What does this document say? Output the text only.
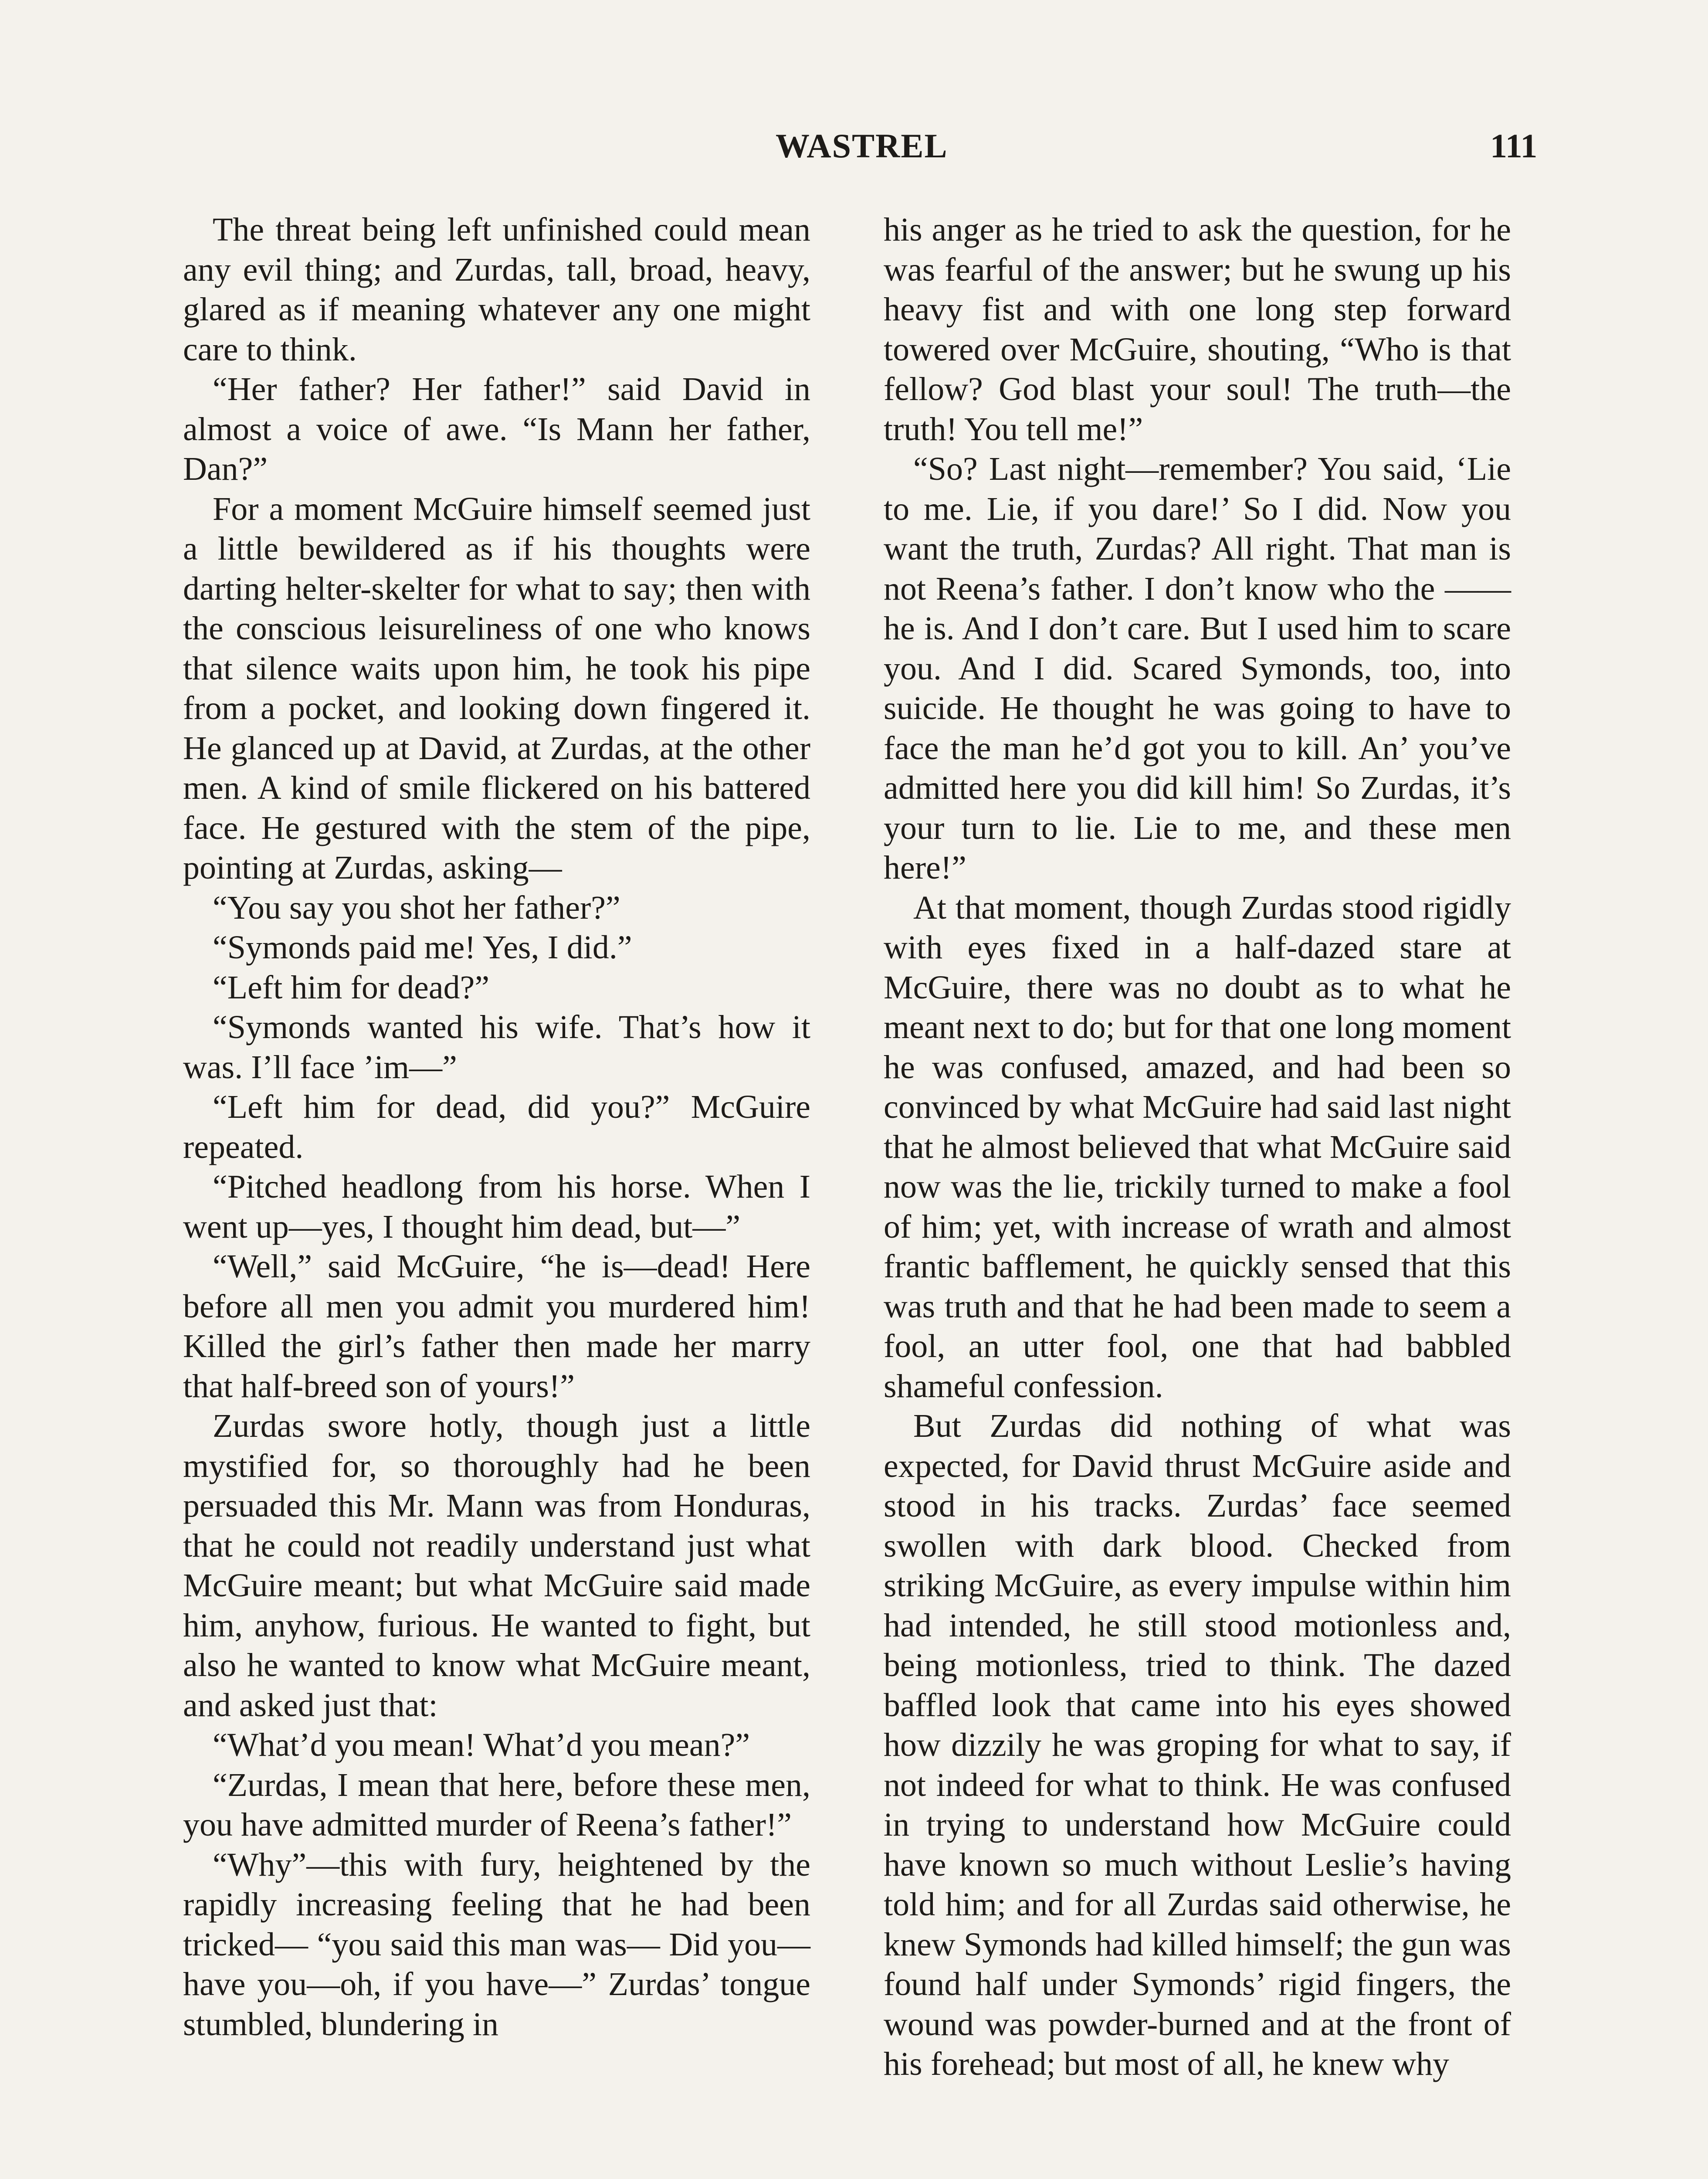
WASTREL	111

The threat being left unfinished could mean any evil thing; and Zurdas, tall, broad, heavy, glared as if meaning whatever any one might care to think.

“Her father? Her father!” said David in almost a voice of awe. “Is Mann her father, Dan?”

For a moment McGuire himself seemed just a little bewildered as if his thoughts were darting helter-skelter for what to say; then with the conscious leisureliness of one who knows that silence waits upon him, he took his pipe from a pocket, and looking down fingered it. He glanced up at David, at Zurdas, at the other men. A kind of smile flickered on his battered face. He gestured with the stem of the pipe, pointing at Zurdas, asking—

“You say you shot her father?”

“Symonds paid me! Yes, I did.”

“Left him for dead?”

“Symonds wanted his wife. That’s how it was. I’ll face ’im—”

“Left him for dead, did you?” McGuire repeated.

“Pitched headlong from his horse. When I went up—yes, I thought him dead, but—”

“Well,” said McGuire, “he is—dead! Here before all men you admit you murdered him! Killed the girl’s father then made her marry that half-breed son of yours!”

Zurdas swore hotly, though just a little mystified for, so thoroughly had he been persuaded this Mr. Mann was from Honduras, that he could not readily understand just what McGuire meant; but what McGuire said made him, anyhow, furious. He wanted to fight, but also he wanted to know what McGuire meant, and asked just that:

“What’d you mean! What’d you mean?”

“Zurdas, I mean that here, before these men, you have admitted murder of Reena’s father!”

“Why”—this with fury, heightened by the rapidly increasing feeling that he had been tricked— “you said this man was— Did you—have you—oh, if you have—” Zurdas’ tongue stumbled, blundering in

his anger as he tried to ask the question, for he was fearful of the answer; but he swung up his heavy fist and with one long step forward towered over McGuire, shouting, “Who is that fellow? God blast your soul! The truth—the truth! You tell me!”

“So? Last night—remember? You said, ‘Lie to me. Lie, if you dare!’ So I did. Now you want the truth, Zurdas? All right. That man is not Reena’s father. I don’t know who the —— he is. And I don’t care. But I used him to scare you. And I did. Scared Symonds, too, into suicide. He thought he was going to have to face the man he’d got you to kill. An’ you’ve admitted here you did kill him! So Zurdas, it’s your turn to lie. Lie to me, and these men here!”

At that moment, though Zurdas stood rigidly with eyes fixed in a half-dazed stare at McGuire, there was no doubt as to what he meant next to do; but for that one long moment he was confused, amazed, and had been so convinced by what McGuire had said last night that he almost believed that what McGuire said now was the lie, trickily turned to make a fool of him; yet, with increase of wrath and almost frantic bafflement, he quickly sensed that this was truth and that he had been made to seem a fool, an utter fool, one that had babbled shameful confession.

But Zurdas did nothing of what was expected, for David thrust McGuire aside and stood in his tracks. Zurdas’ face seemed swollen with dark blood. Checked from striking McGuire, as every impulse within him had intended, he still stood motionless and, being motionless, tried to think. The dazed baffled look that came into his eyes showed how dizzily he was groping for what to say, if not indeed for what to think. He was confused in trying to understand how McGuire could have known so much without Leslie’s having told him; and for all Zurdas said otherwise, he knew Symonds had killed himself; the gun was found half under Symonds’ rigid fingers, the wound was powder-burned and at the front of his forehead; but most of all, he knew why
